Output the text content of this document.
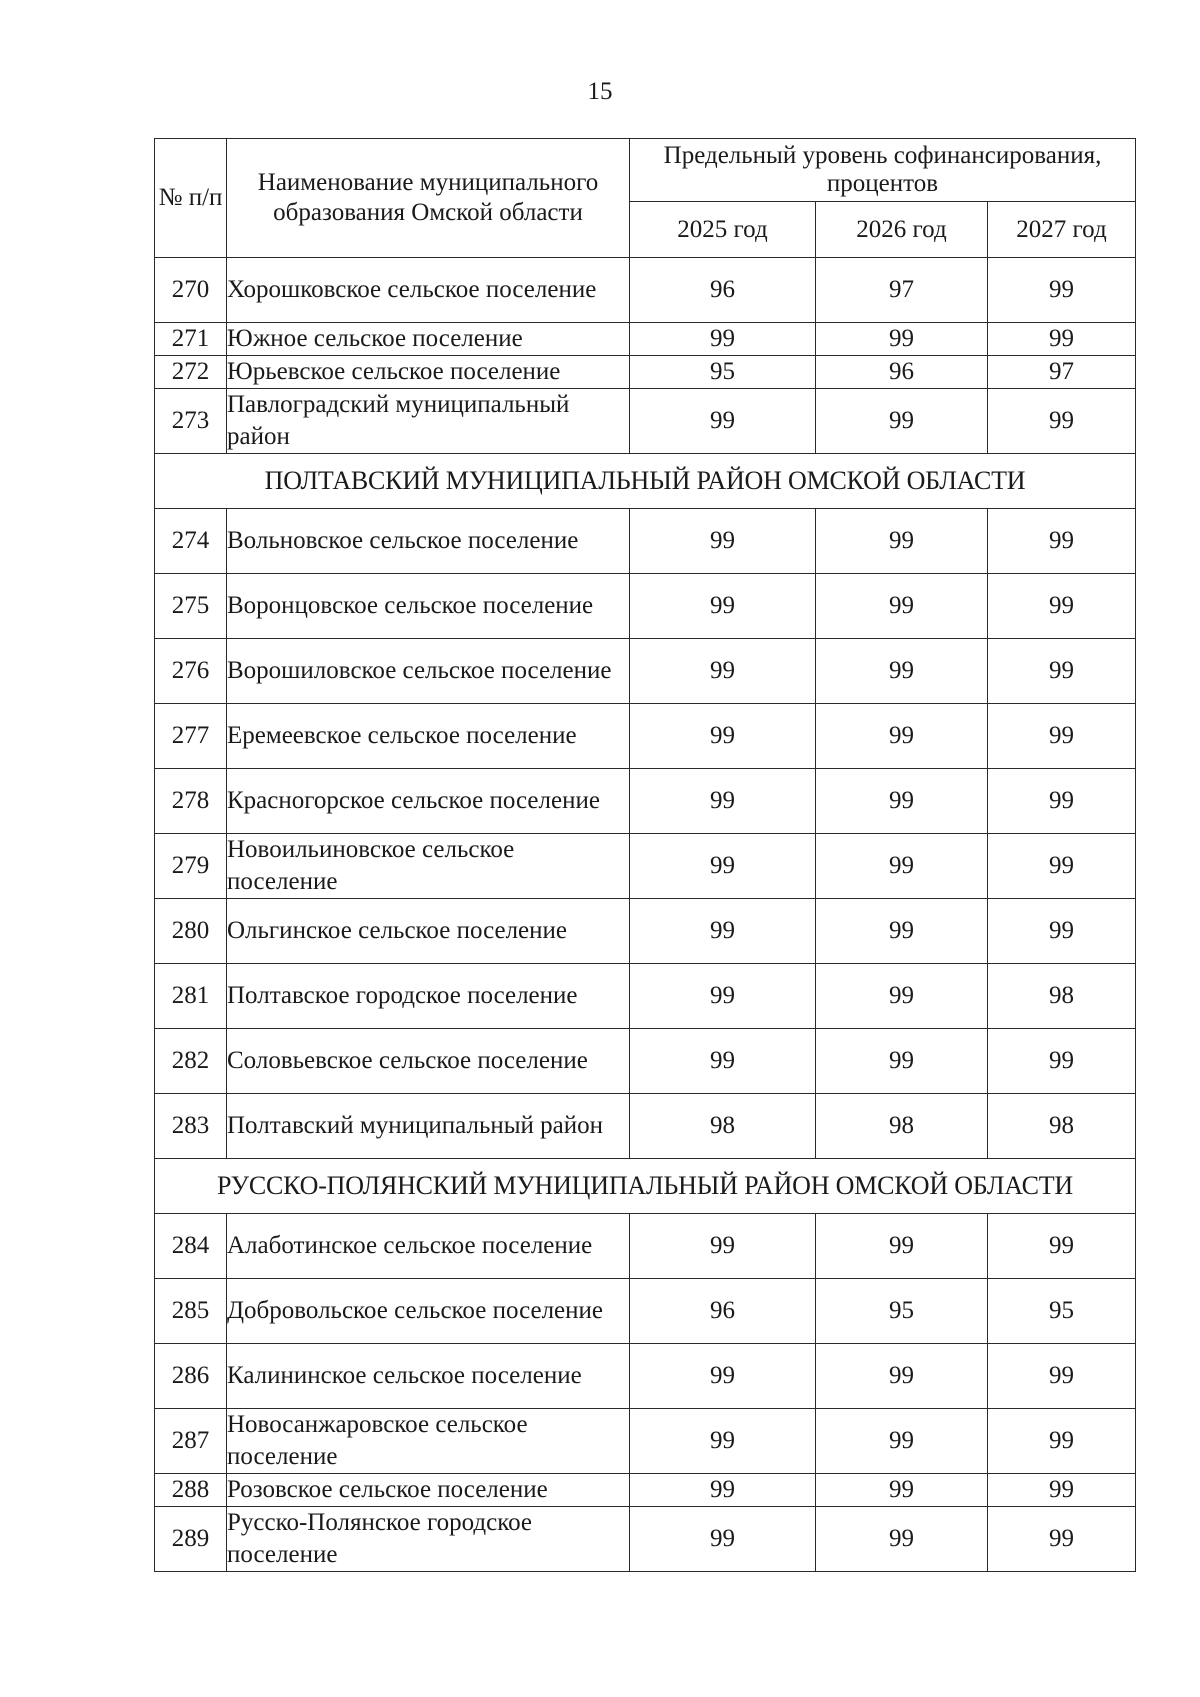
15
№ п/п	Наименование муниципального образования Омской области	Предельный уровень софинансирования, процентов		
		2025 год	2026 год	2027 год
270	Хорошковское сельское поселение	96	97	99
271	Южное сельское поселение	99	99	99
272	Юрьевское сельское поселение	95	96	97
273	Павлоградский муниципальный район	99	99	99
ПОЛТАВСКИЙ МУНИЦИПАЛЬНЫЙ РАЙОН ОМСКОЙ ОБЛАСТИ				
274	Вольновское сельское поселение	99	99	99
275	Воронцовское сельское поселение	99	99	99
276	Ворошиловское сельское поселение	99	99	99
277	Еремеевское сельское поселение	99	99	99
278	Красногорское сельское поселение	99	99	99
279	Новоильиновское сельское поселение	99	99	99
280	Ольгинское сельское поселение	99	99	99
281	Полтавское городское поселение	99	99	98
282	Соловьевское сельское поселение	99	99	99
283	Полтавский муниципальный район	98	98	98
РУССКО-ПОЛЯНСКИЙ МУНИЦИПАЛЬНЫЙ РАЙОН ОМСКОЙ ОБЛАСТИ				
284	Алаботинское сельское поселение	99	99	99
285	Добровольское сельское поселение	96	95	95
286	Калининское сельское поселение	99	99	99
287	Новосанжаровское сельское поселение	99	99	99
288	Розовское сельское поселение	99	99	99
289	Русско-Полянское городское поселение	99	99	99
